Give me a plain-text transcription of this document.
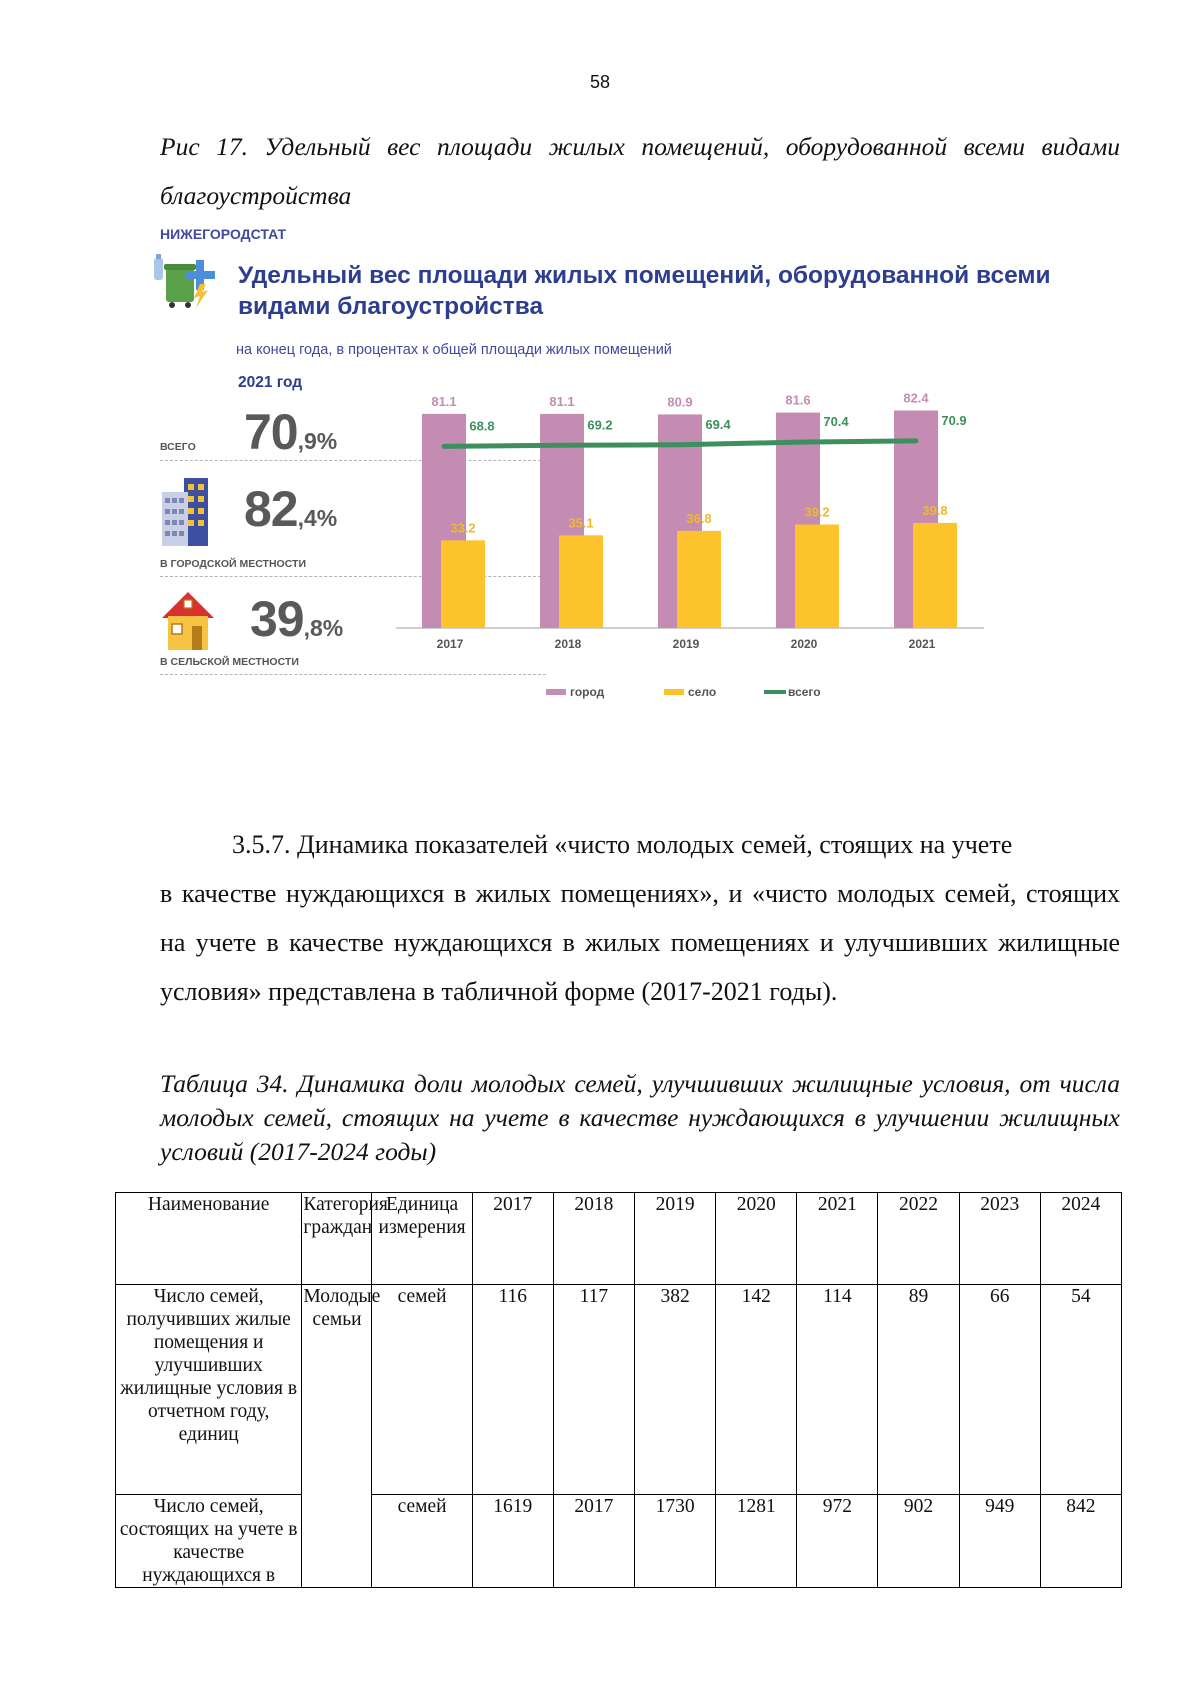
58
Рис 17. Удельный вес площади жилых помещений, оборудованной всеми видами благоустройства
НИЖЕГОРОДСТАТ
Удельный вес площади жилых помещений, оборудованной всеми видами благоустройства
на конец года, в процентах к общей площади жилых помещений
2021 год
ВСЕГО 70,9%
82,4%
В ГОРОДСКОЙ МЕСТНОСТИ
39,8%
В СЕЛЬСКОЙ МЕСТНОСТИ
81.1
33.2
2017
81.1
35.1
2018
80.9
36.8
2019
81.6
39.2
2020
82.4
39.8
2021
68.8	69.2	69.4	70.4	70.9
город	село	всего
3.5.7. Динамика показателей «чисто молодых семей, стоящих на учете
в качестве нуждающихся в жилых помещениях», и «чисто молодых семей, стоящих на учете в качестве нуждающихся в жилых помещениях и улучшивших жилищные условия» представлена в табличной форме (2017-2021 годы).
Таблица 34. Динамика доли молодых семей, улучшивших жилищные условия, от числа молодых семей, стоящих на учете в качестве нуждающихся в улучшении жилищных условий (2017-2024 годы)
Наименование	Категория граждан	Единица измерения	2017	2018	2019	2020	2021	2022	2023	2024
Число семей, получивших жилые помещения и улучшивших жилищные условия в отчетном году, единиц	Молодые семьи	семей	116	117	382	142	114	89	66	54
Число семей, состоящих на учете в качестве нуждающихся в		семей	1619	2017	1730	1281	972	902	949	842
